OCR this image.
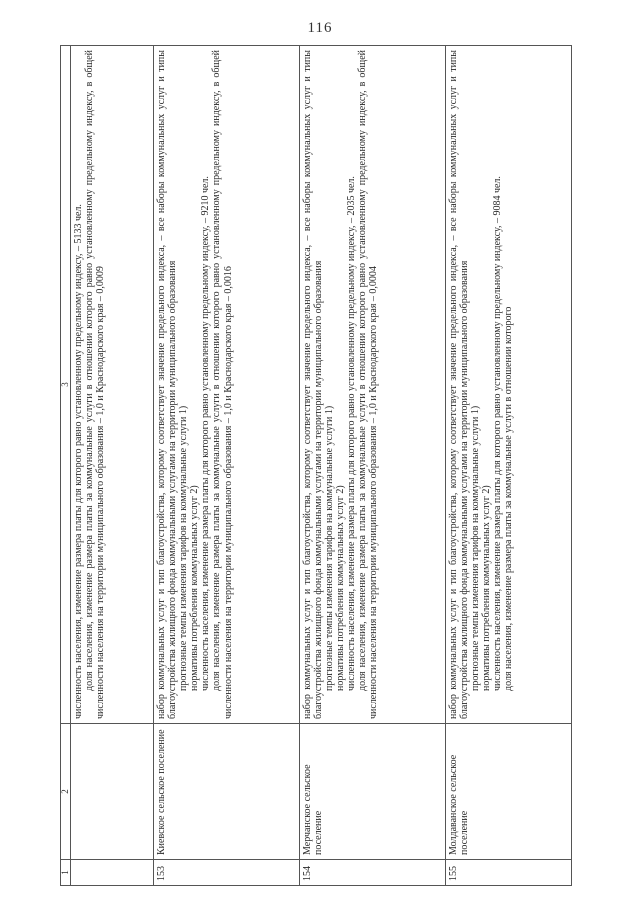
116
1	2	3

		численность населения, изменение размера платы для которого равно установленному предельному индексу, – 5133 чел. доля населения, изменение размера платы за коммунальные услуги в отношении которого равно установленному предельному индексу, в общей численности населения на территории муниципального образования – 1,0 и Краснодарского края – 0,0009

153	Киевское сельское поселение	набор коммунальных услуг и тип благоустройства, которому соответствует значение предельного индекса, – все наборы коммунальных услуг и типы благоустройства жилищного фонда коммунальными услугами на территории муниципального образования прогнозные темпы изменения тарифов на коммунальные услуги 1) нормативы потребления коммунальных услуг 2) численность населения, изменение размера платы для которого равно установленному предельному индексу, – 9210 чел. доля населения, изменение размера платы за коммунальные услуги в отношении которого равно установленному предельному индексу, в общей численности населения на территории муниципального образования – 1,0 и Краснодарского края – 0,0016

154	Мерчанское сельское поселение	набор коммунальных услуг и тип благоустройства, которому соответствует значение предельного индекса, – все наборы коммунальных услуг и типы благоустройства жилищного фонда коммунальными услугами на территории муниципального образования прогнозные темпы изменения тарифов на коммунальные услуги 1) нормативы потребления коммунальных услуг 2) численность населения, изменение размера платы для которого равно установленному предельному индексу, – 2035 чел. доля населения, изменение размера платы за коммунальные услуги в отношении которого равно установленному предельному индексу, в общей численности населения на территории муниципального образования – 1,0 и Краснодарского края – 0,0004

155	Молдаванское сельское поселение	набор коммунальных услуг и тип благоустройства, которому соответствует значение предельного индекса, – все наборы коммунальных услуг и типы благоустройства жилищного фонда коммунальными услугами на территории муниципального образования прогнозные темпы изменения тарифов на коммунальные услуги 1) нормативы потребления коммунальных услуг 2) численность населения, изменение размера платы для которого равно установленному предельному индексу, – 9084 чел. доля населения, изменение размера платы за коммунальные услуги в отношении которого
